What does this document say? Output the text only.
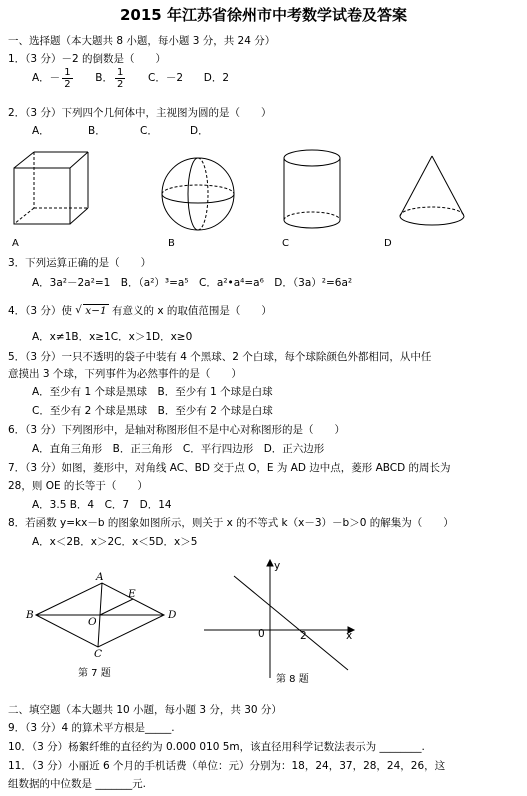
2015 年江苏省徐州市中考数学试卷及答案
一、选择题（本大题共 8 小题，每小题 3 分，共 24 分）
1．（3 分）－2 的倒数是（　　）
A．－ $\frac{1}{2}$ B． $\frac{1}{2}$ C．－2 D．2
2．（3 分）下列四个几何体中，主视图为圆的是（　　）
A．	B．	C．	D．
A	B	C	D
3．下列运算正确的是（　　）
A．3a²－2a²=1　B．（a²）³=a⁵　C．a²•a⁴=a⁶　D．（3a）²=6a²
4．（3 分）使 √ x−1 有意义的 x 的取值范围是（　　）
A．x≠1B．x≥1C．x＞1D．x≥0
5．（3 分）一只不透明的袋子中装有 4 个黑球、2 个白球，每个球除颜色外都相同，从中任
意摸出 3 个球，下列事件为必然事件的是（　　）
A．至少有 1 个球是黑球　B．至少有 1 个球是白球
C．至少有 2 个球是黑球　B．至少有 2 个球是白球
6．（3 分）下列图形中，是轴对称图形但不是中心对称图形的是（　　）
A．直角三角形　B．正三角形　C．平行四边形　D．正六边形
7．（3 分）如图，菱形中，对角线 AC、BD 交于点 O，E 为 AD 边中点，菱形 ABCD 的周长为
28，则 OE 的长等于（　　）
A．3.5 B．4　C．7　D．14
8．若函数 y=kx－b 的图象如图所示，则关于 x 的不等式 k（x－3）－b＞0 的解集为（　　）
A．x＜2B．x＞2C．x＜5D．x＞5
A
B
C
D
E
O
第 7 题
y
x
0	2
第 8 题
二、填空题（本大题共 10 小题，每小题 3 分，共 30 分）
9．（3 分）4 的算术平方根是_____.
10．（3 分）杨絮纤维的直径约为 0.000 010 5m，该直径用科学记数法表示为 ________.
11．（3 分）小丽近 6 个月的手机话费（单位：元）分别为：18，24，37，28，24，26，这
组数据的中位数是 _______元.
